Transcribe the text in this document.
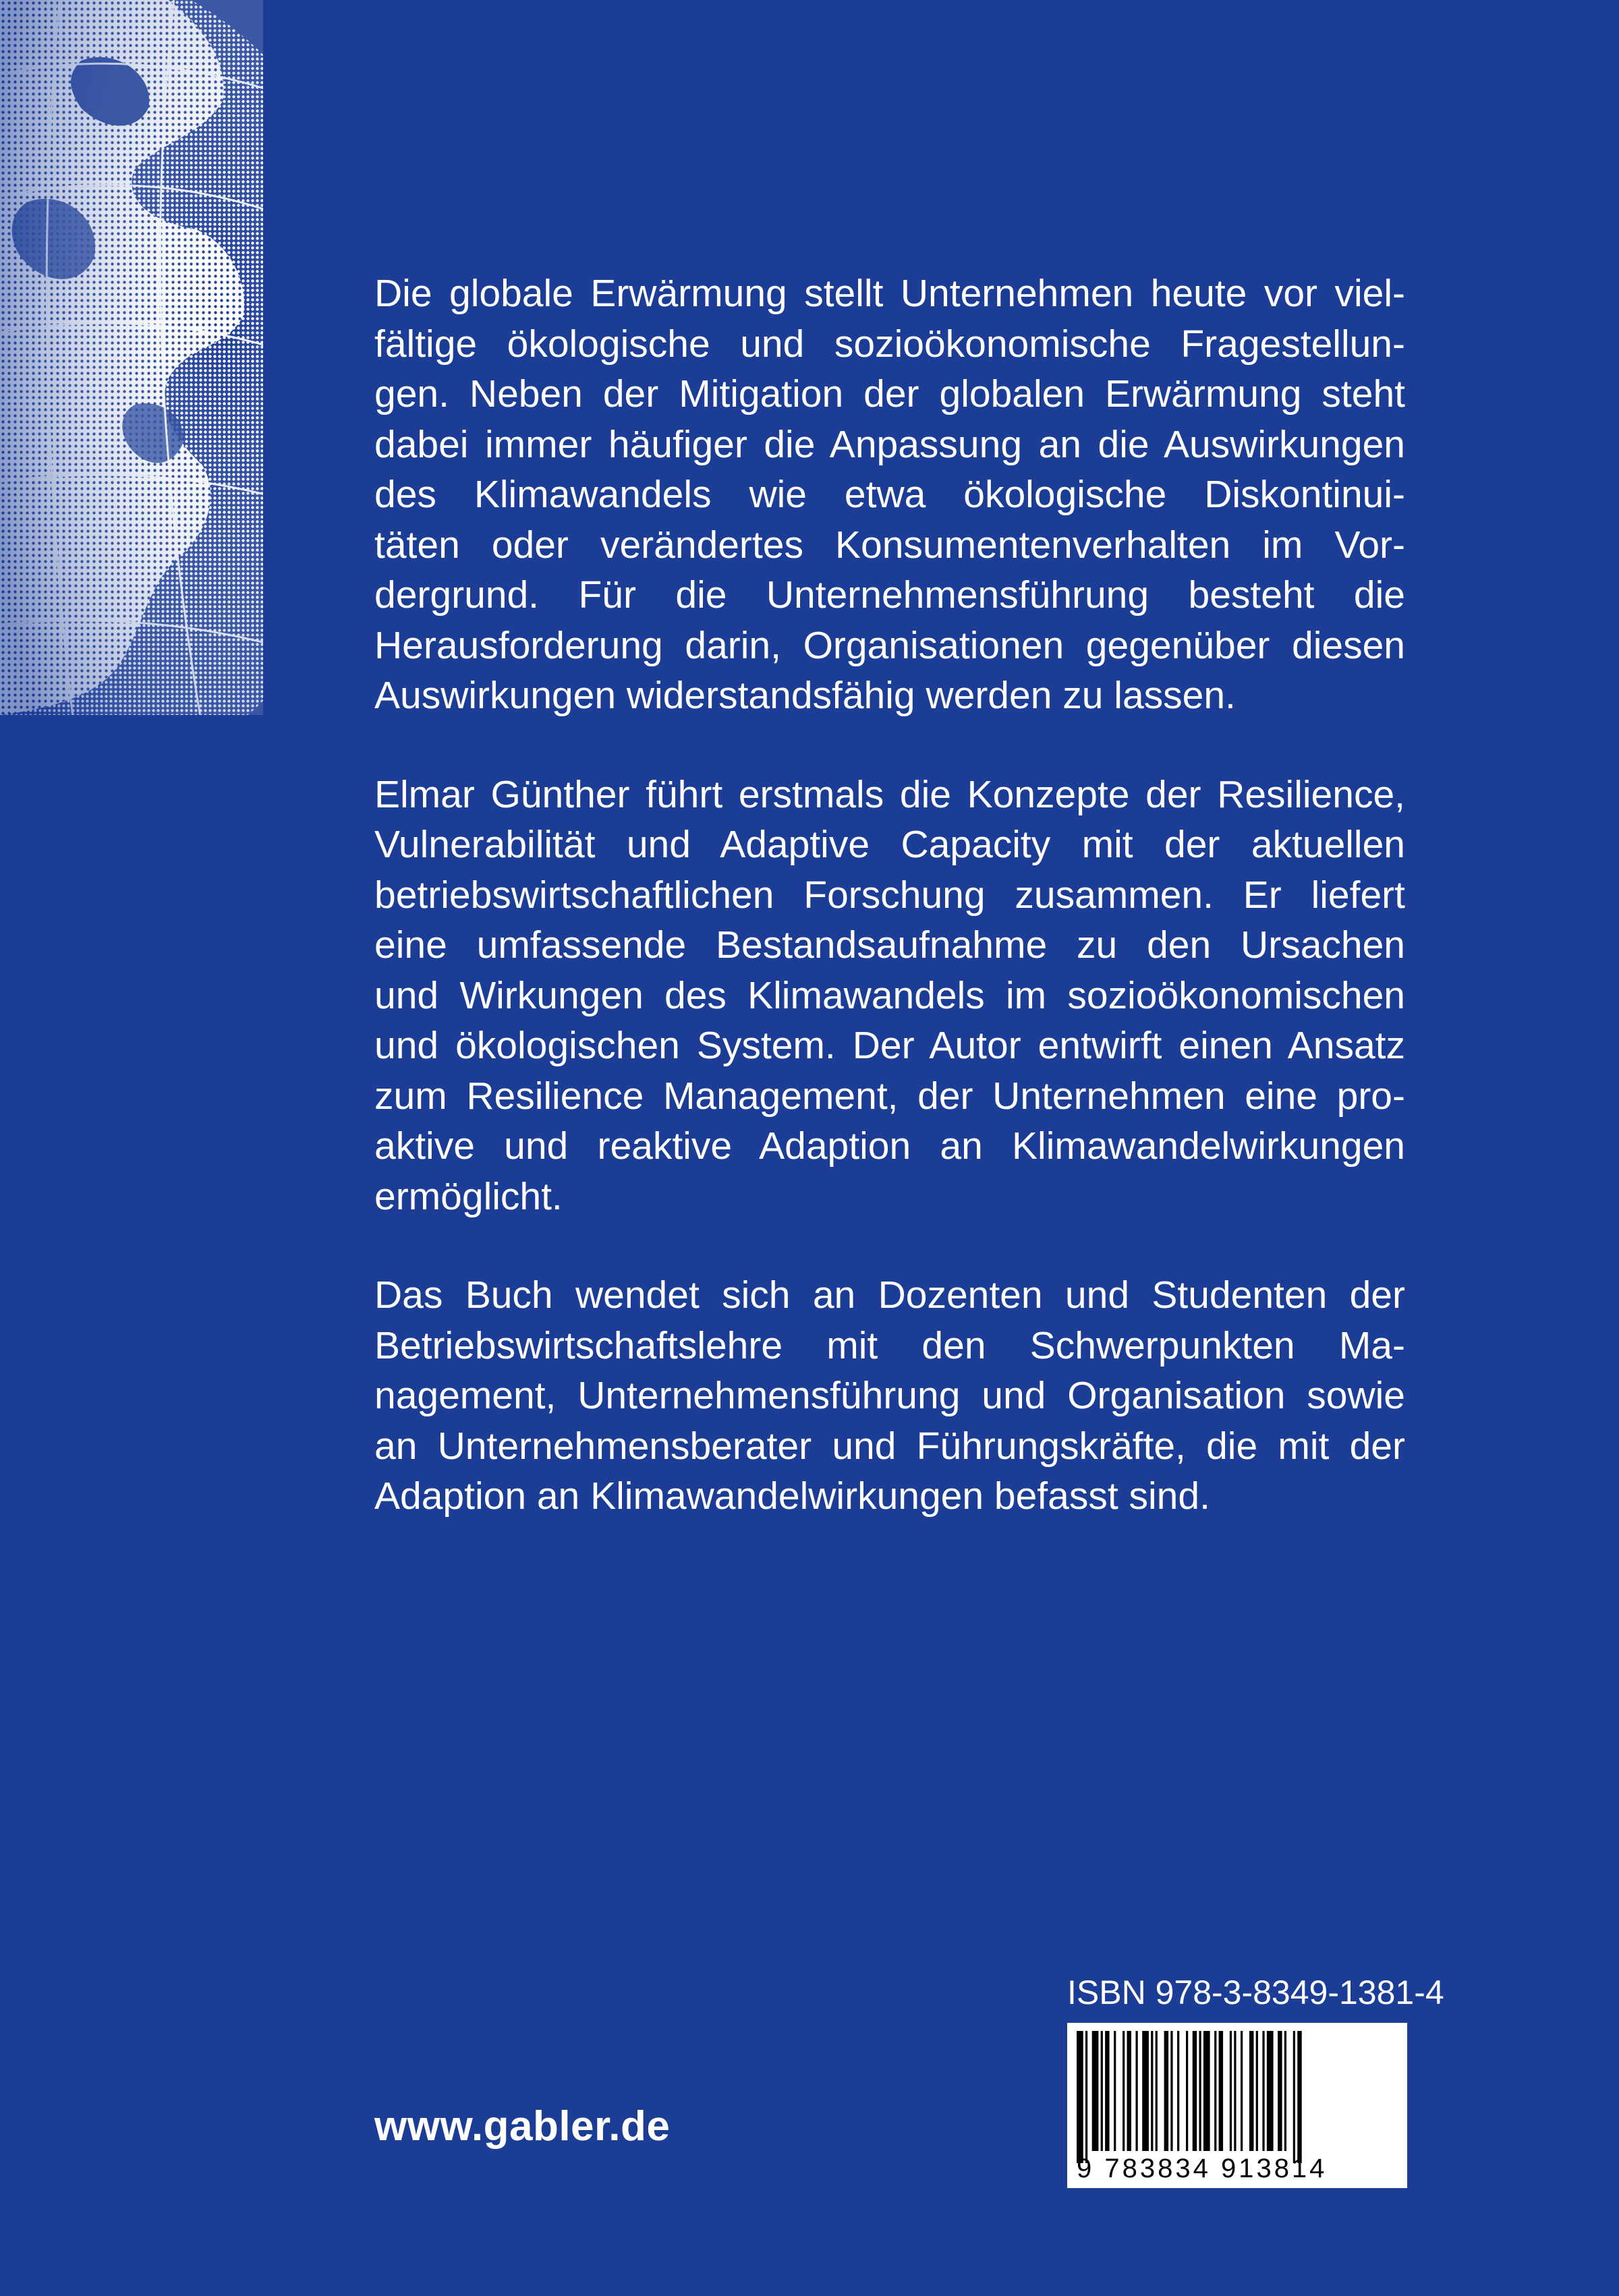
Die globale Erwärmung stellt Unternehmen heute vor viel-
fältige ökologische und sozioökonomische Fragestellun-
gen. Neben der Mitigation der globalen Erwärmung steht
dabei immer häufiger die Anpassung an die Auswirkungen
des Klimawandels wie etwa ökologische Diskontinui-
täten oder verändertes Konsumentenverhalten im Vor-
dergrund. Für die Unternehmensführung besteht die
Herausforderung darin, Organisationen gegenüber diesen
Auswirkungen widerstandsfähig werden zu lassen.

Elmar Günther führt erstmals die Konzepte der Resilience,
Vulnerabilität und Adaptive Capacity mit der aktuellen
betriebswirtschaftlichen Forschung zusammen. Er liefert
eine umfassende Bestandsaufnahme zu den Ursachen
und Wirkungen des Klimawandels im sozioökonomischen
und ökologischen System. Der Autor entwirft einen Ansatz
zum Resilience Management, der Unternehmen eine pro-
aktive und reaktive Adaption an Klimawandelwirkungen
ermöglicht.

Das Buch wendet sich an Dozenten und Studenten der
Betriebswirtschaftslehre mit den Schwerpunkten Ma-
nagement, Unternehmensführung und Organisation sowie
an Unternehmensberater und Führungskräfte, die mit der
Adaption an Klimawandelwirkungen befasst sind.

ISBN 978-3-8349-1381-4
9 783834 913814
www.gabler.de
